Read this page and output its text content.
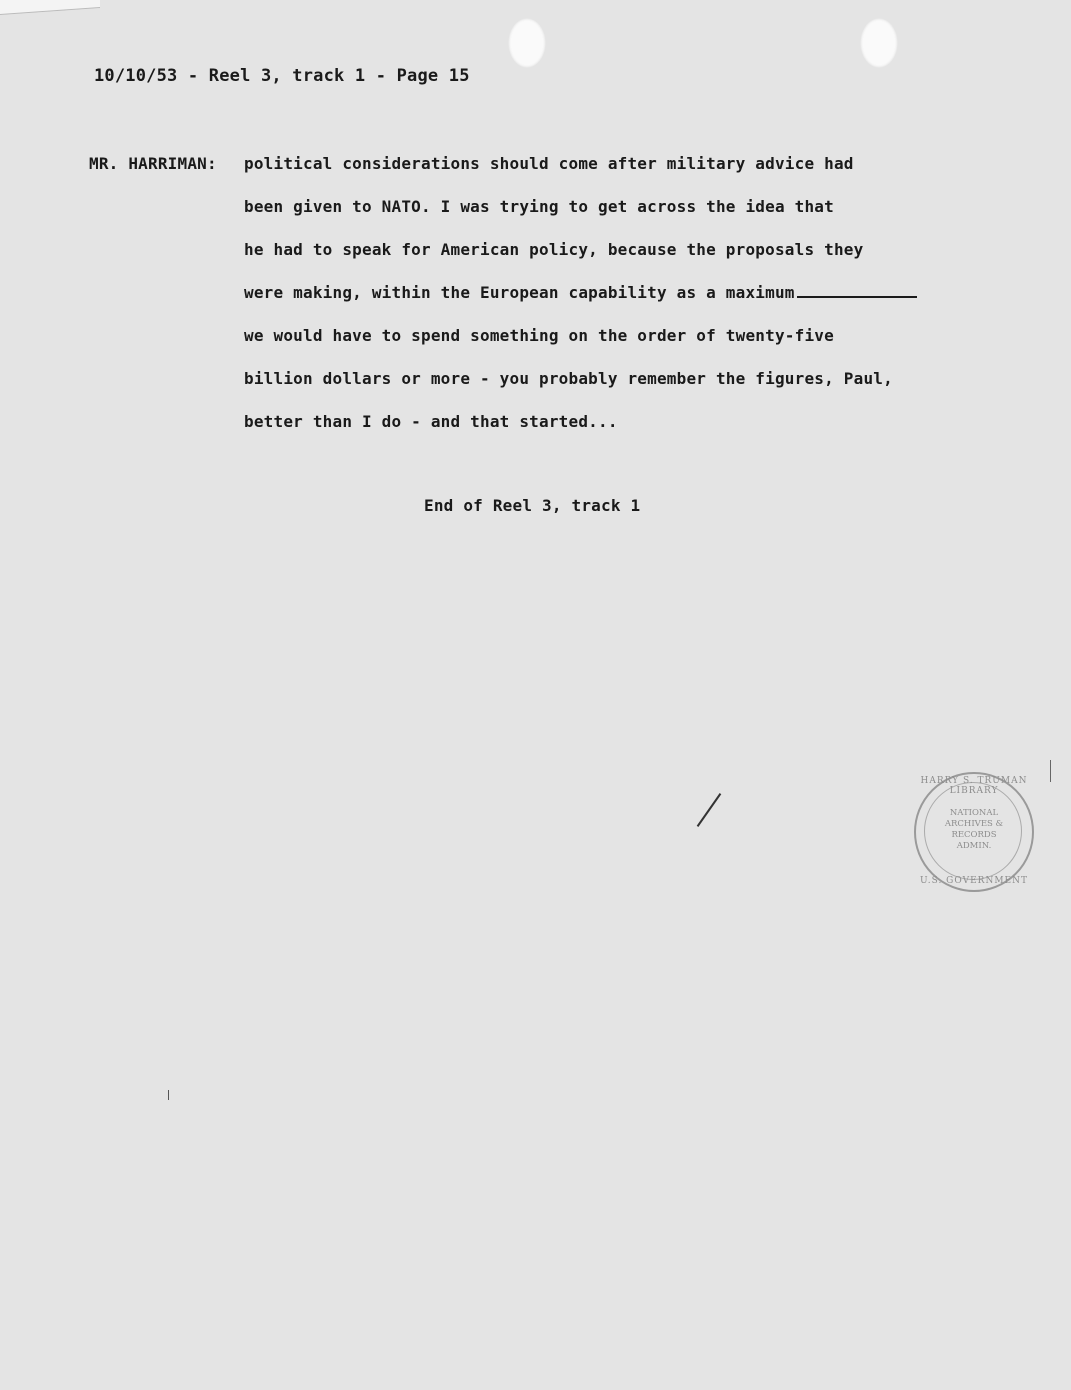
10/10/53 - Reel 3, track 1 - Page 15
MR. HARRIMAN: political considerations should come after military advice had
been given to NATO. I was trying to get across the idea that
he had to speak for American policy, because the proposals they
were making, within the European capability as a maximum
we would have to spend something on the order of twenty-five
billion dollars or more - you probably remember the figures, Paul,
better than I do - and that started...
End of Reel 3, track 1
HARRY S. TRUMAN LIBRARY
NATIONAL
ARCHIVES &
RECORDS
ADMIN.
U.S. GOVERNMENT
